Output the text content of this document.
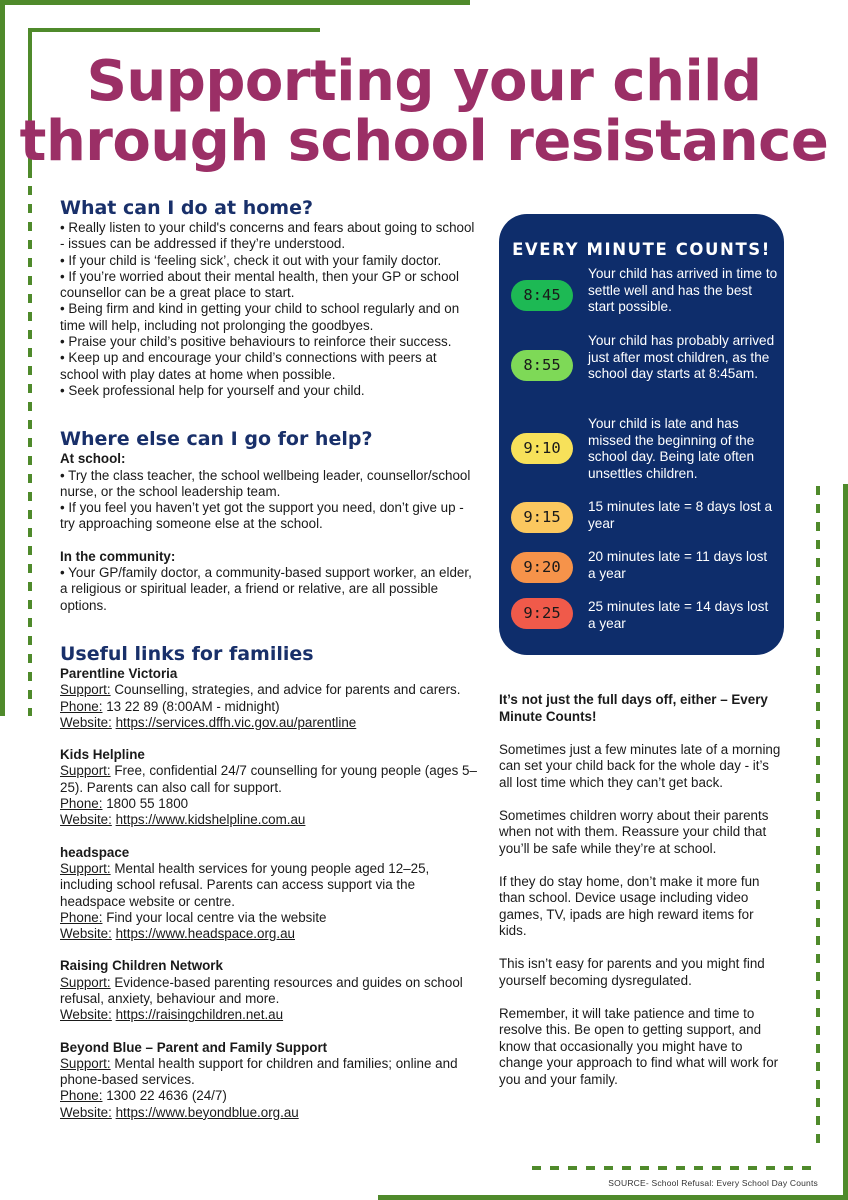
Supporting your child
through school resistance
What can I do at home?

• Really listen to your child's concerns and fears about going to school - issues can be addressed if they’re understood.

• If your child is ‘feeling sick’, check it out with your family doctor.

• If you’re worried about their mental health, then your GP or school counsellor can be a great place to start.

• Being firm and kind in getting your child to school regularly and on time will help, including not prolonging the goodbyes.

• Praise your child’s positive behaviours to reinforce their success.

• Keep up and encourage your child’s connections with peers at school with play dates at home when possible.

• Seek professional help for yourself and your child.

Where else can I go for help?

At school:

• Try the class teacher, the school wellbeing leader, counsellor/school nurse, or the school leadership team.

• If you feel you haven’t yet got the support you need, don’t give up - try approaching someone else at the school.

In the community:

• Your GP/family doctor, a community-based support worker, an elder, a religious or spiritual leader, a friend or relative, are all possible options.

Useful links for families

Parentline Victoria

Support: Counselling, strategies, and advice for parents and carers.

Phone: 13 22 89 (8:00AM - midnight)

Website: https://services.dffh.vic.gov.au/parentline

Kids Helpline

Support: Free, confidential 24/7 counselling for young people (ages 5–25). Parents can also call for support.

Phone: 1800 55 1800

Website: https://www.kidshelpline.com.au

headspace

Support: Mental health services for young people aged 12–25, including school refusal. Parents can access support via the headspace website or centre.

Phone: Find your local centre via the website

Website: https://www.headspace.org.au

Raising Children Network

Support: Evidence-based parenting resources and guides on school refusal, anxiety, behaviour and more.

Website: https://raisingchildren.net.au

Beyond Blue – Parent and Family Support

Support: Mental health support for children and families; online and phone-based services.

Phone: 1300 22 4636 (24/7)

Website: https://www.beyondblue.org.au

EVERY MINUTE COUNTS!
8:45
Your child has arrived in time to settle well and has the best start possible.
8:55
Your child has probably arrived just after most children, as the school day starts at 8:45am.
9:10
Your child is late and has missed the beginning of the school day. Being late often unsettles children.
9:15
15 minutes late = 8 days lost a year
9:20
20 minutes late = 11 days lost a year
9:25	25 minutes late = 14 days lost a year

It’s not just the full days off, either – Every Minute Counts!

Sometimes just a few minutes late of a morning can set your child back for the whole day - it’s all lost time which they can’t get back.

Sometimes children worry about their parents when not with them. Reassure your child that you’ll be safe while they’re at school.

If they do stay home, don’t make it more fun than school. Device usage including video games, TV, ipads are high reward items for kids.

This isn’t easy for parents and you might find yourself becoming dysregulated.

Remember, it will take patience and time to resolve this. Be open to getting support, and know that occasionally you might have to change your approach to find what will work for you and your family.

SOURCE- School Refusal: Every School Day Counts
